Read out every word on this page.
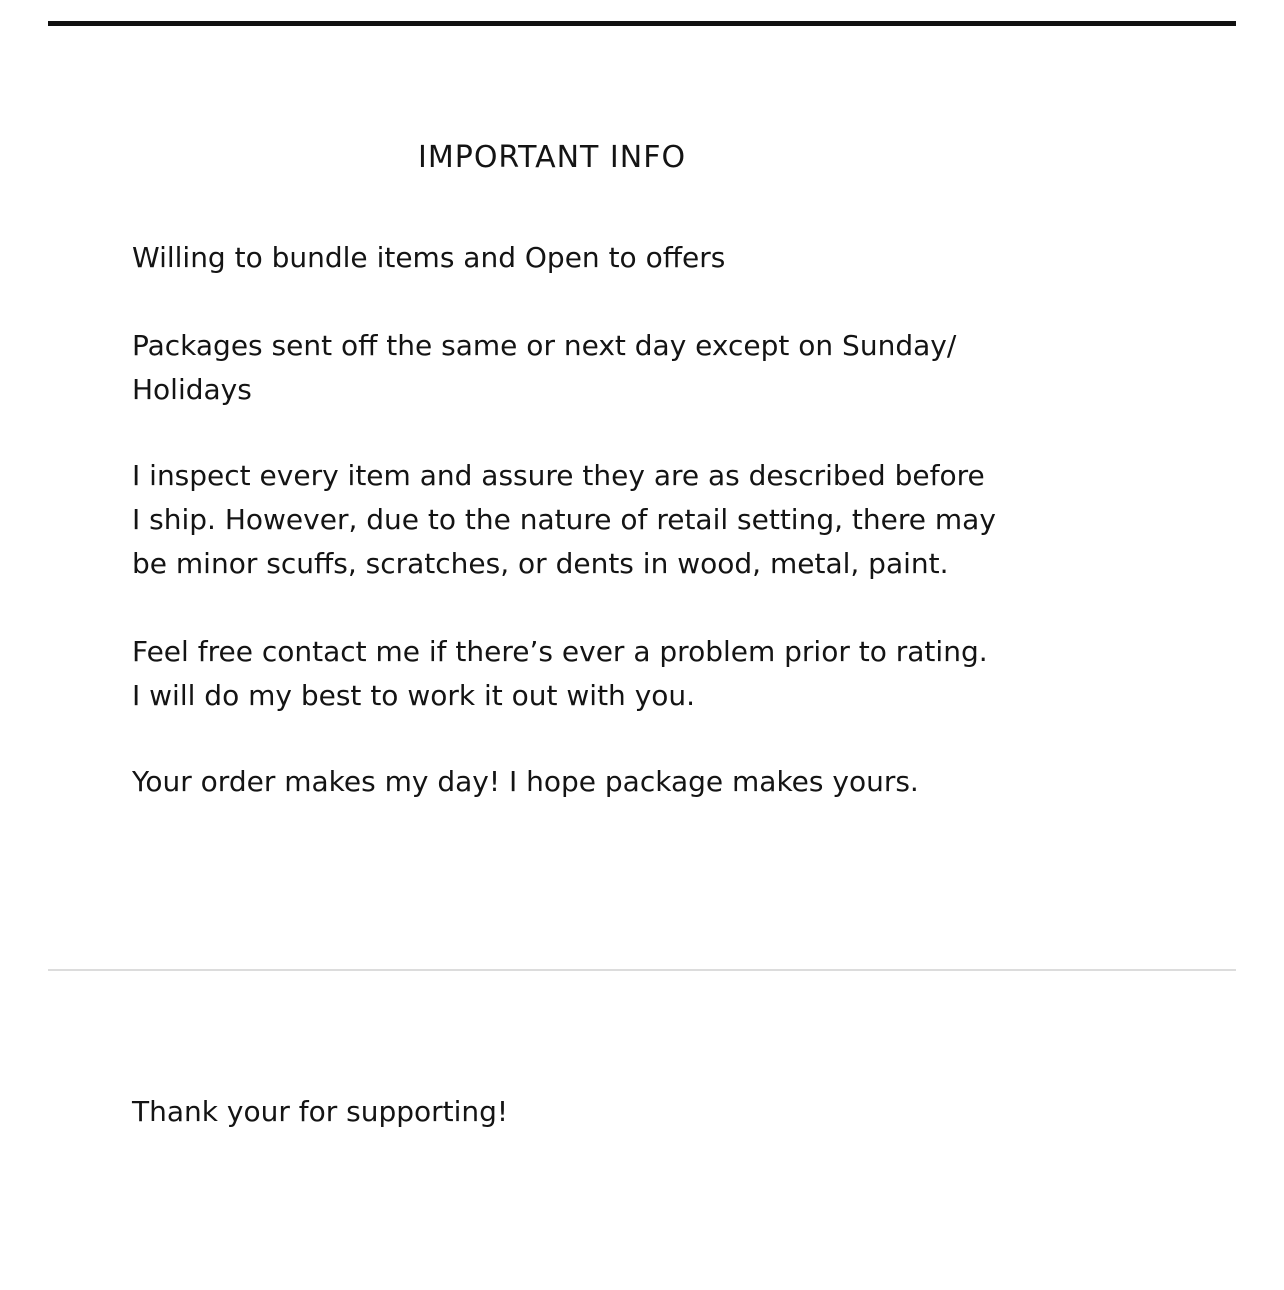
IMPORTANT INFO
Willing to bundle items and Open to offers
Packages sent off the same or next day except on Sunday/
Holidays
I inspect every item and assure they are as described before
I ship. However, due to the nature of retail setting, there may
be minor scuffs, scratches, or dents in wood, metal, paint.
Feel free contact me if there’s ever a problem prior to rating.
I will do my best to work it out with you.
Your order makes my day! I hope package makes yours.
Thank your for supporting!
